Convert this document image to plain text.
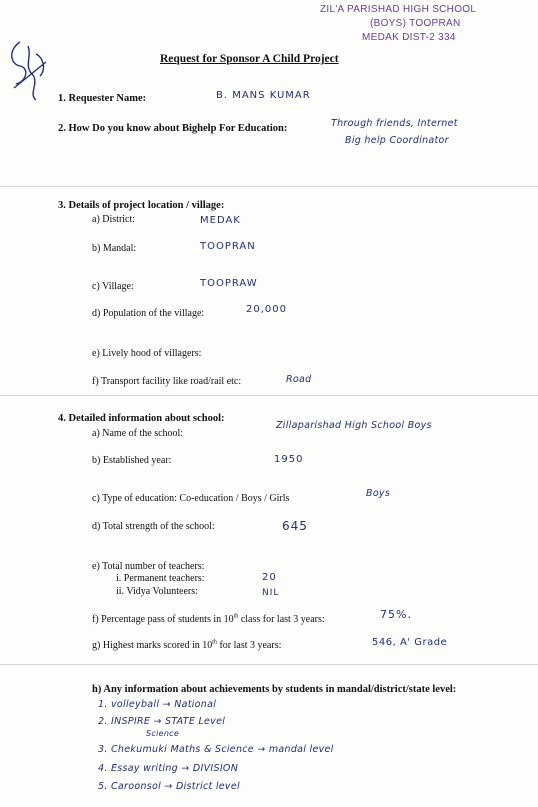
ZIL'A PARISHAD HIGH SCHOOL
(BOYS) TOOPRAN
MEDAK DIST-2 334
Request for Sponsor A Child Project
1. Requester Name:	B. MANS KUMAR
2. How Do you know about Bighelp For Education:	Through friends, Internet
Big help Coordinator
3. Details of project location / village:
a) District:	MEDAK
b) Mandal:	TOOPRAN
c) Village:	TOOPRAW
d) Population of the village:	20,000
e) Lively hood of villagers:
f) Transport facility like road/rail etc:	Road
4. Detailed information about school:
a) Name of the school:
Zillaparishad High School Boys
b) Established year:	1950
c) Type of education: Co-education / Boys / Girls	Boys
d) Total strength of the school:	645
e) Total number of teachers:
i. Permanent teachers:	20
ii. Vidya Volunteers:	NIL
f) Percentage pass of students in 10th class for last 3 years:	75%.
g) Highest marks scored in 10th for last 3 years:	546, A' Grade
h) Any information about achievements by students in mandal/district/state level:
1. volleyball → National
2. INSPIRE → STATE Level
Science
3. Chekumuki Maths & Science → mandal level
4. Essay writing → DIVISION
5. Caroonsol → District level
